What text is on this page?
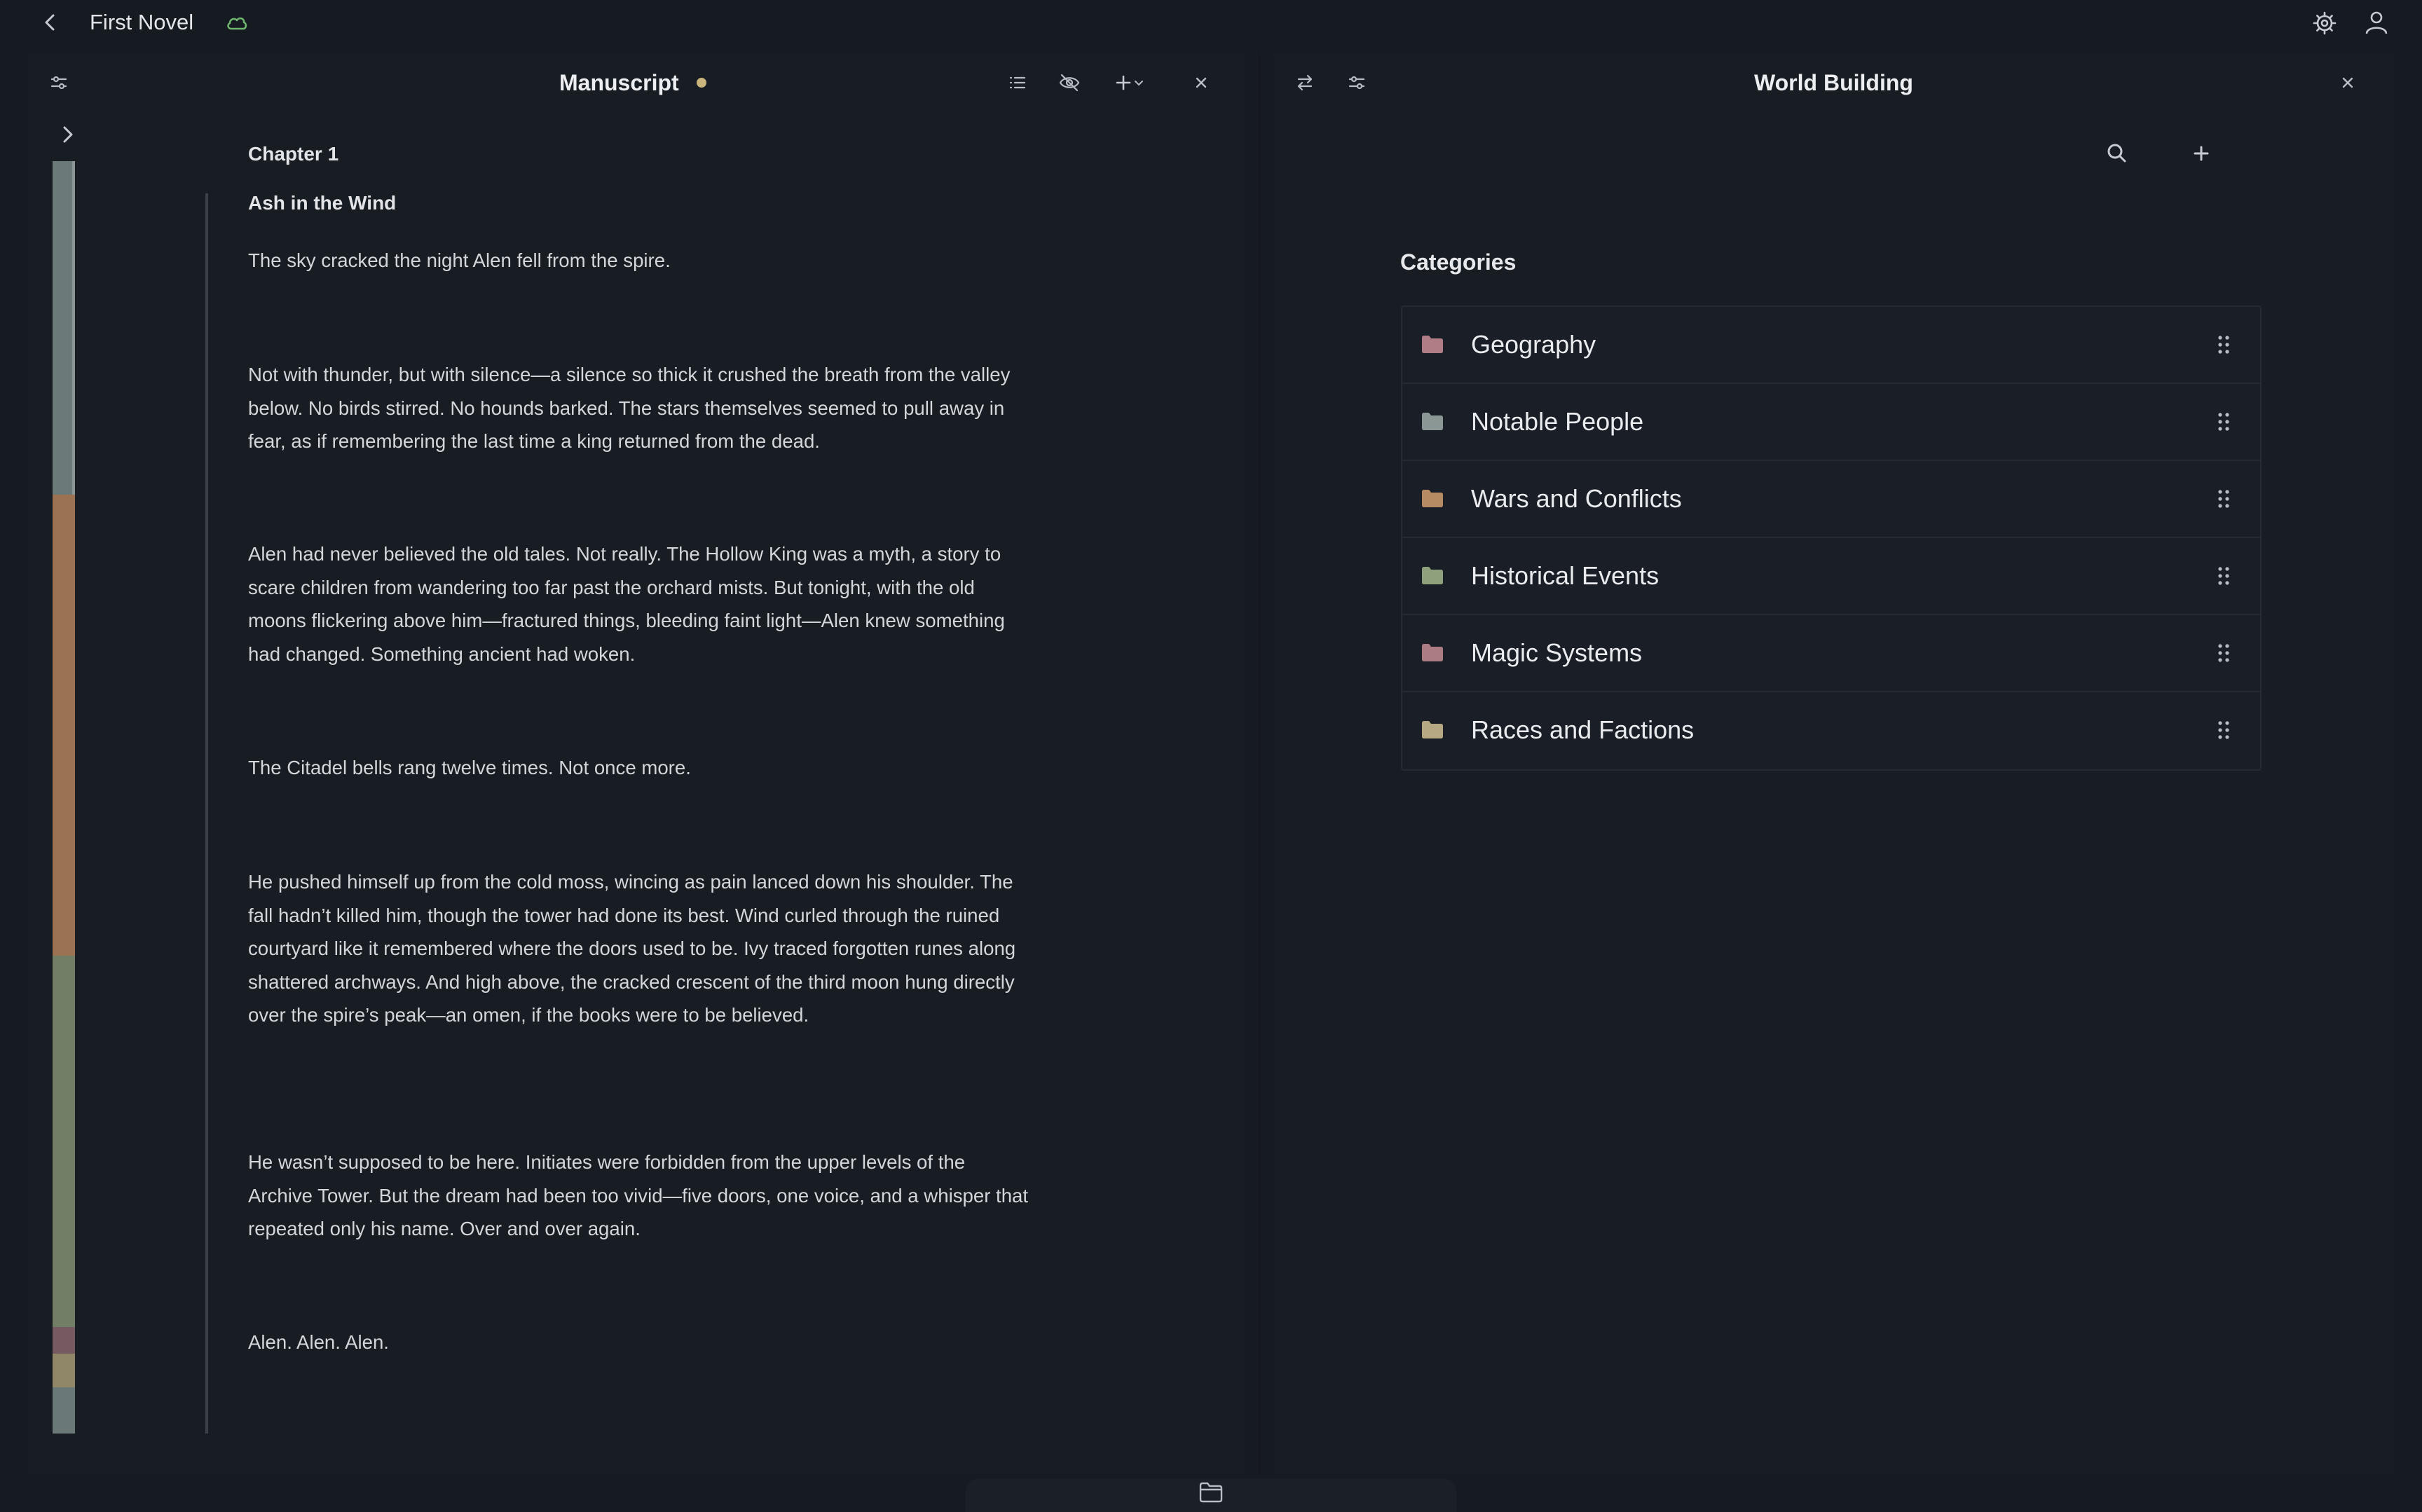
First Novel
Manuscript
Chapter 1
Ash in the Wind

The sky cracked the night Alen fell from the spire.

Not with thunder, but with silence—a silence so thick it crushed the breath from the valley below. No birds stirred. No hounds barked. The stars themselves seemed to pull away in fear, as if remembering the last time a king returned from the dead.

Alen had never believed the old tales. Not really. The Hollow King was a myth, a story to scare children from wandering too far past the orchard mists. But tonight, with the old moons flickering above him—fractured things, bleeding faint light—Alen knew something had changed. Something ancient had woken.

The Citadel bells rang twelve times. Not once more.

He pushed himself up from the cold moss, wincing as pain lanced down his shoulder. The fall hadn’t killed him, though the tower had done its best. Wind curled through the ruined courtyard like it remembered where the doors used to be. Ivy traced forgotten runes along shattered archways. And high above, the cracked crescent of the third moon hung directly over the spire’s peak—an omen, if the books were to be believed.

He wasn’t supposed to be here. Initiates were forbidden from the upper levels of the Archive Tower. But the dream had been too vivid—five doors, one voice, and a whisper that repeated only his name. Over and over again.

Alen. Alen. Alen.

World Building
Categories
Geography
Notable People
Wars and Conflicts
Historical Events
Magic Systems
Races and Factions
